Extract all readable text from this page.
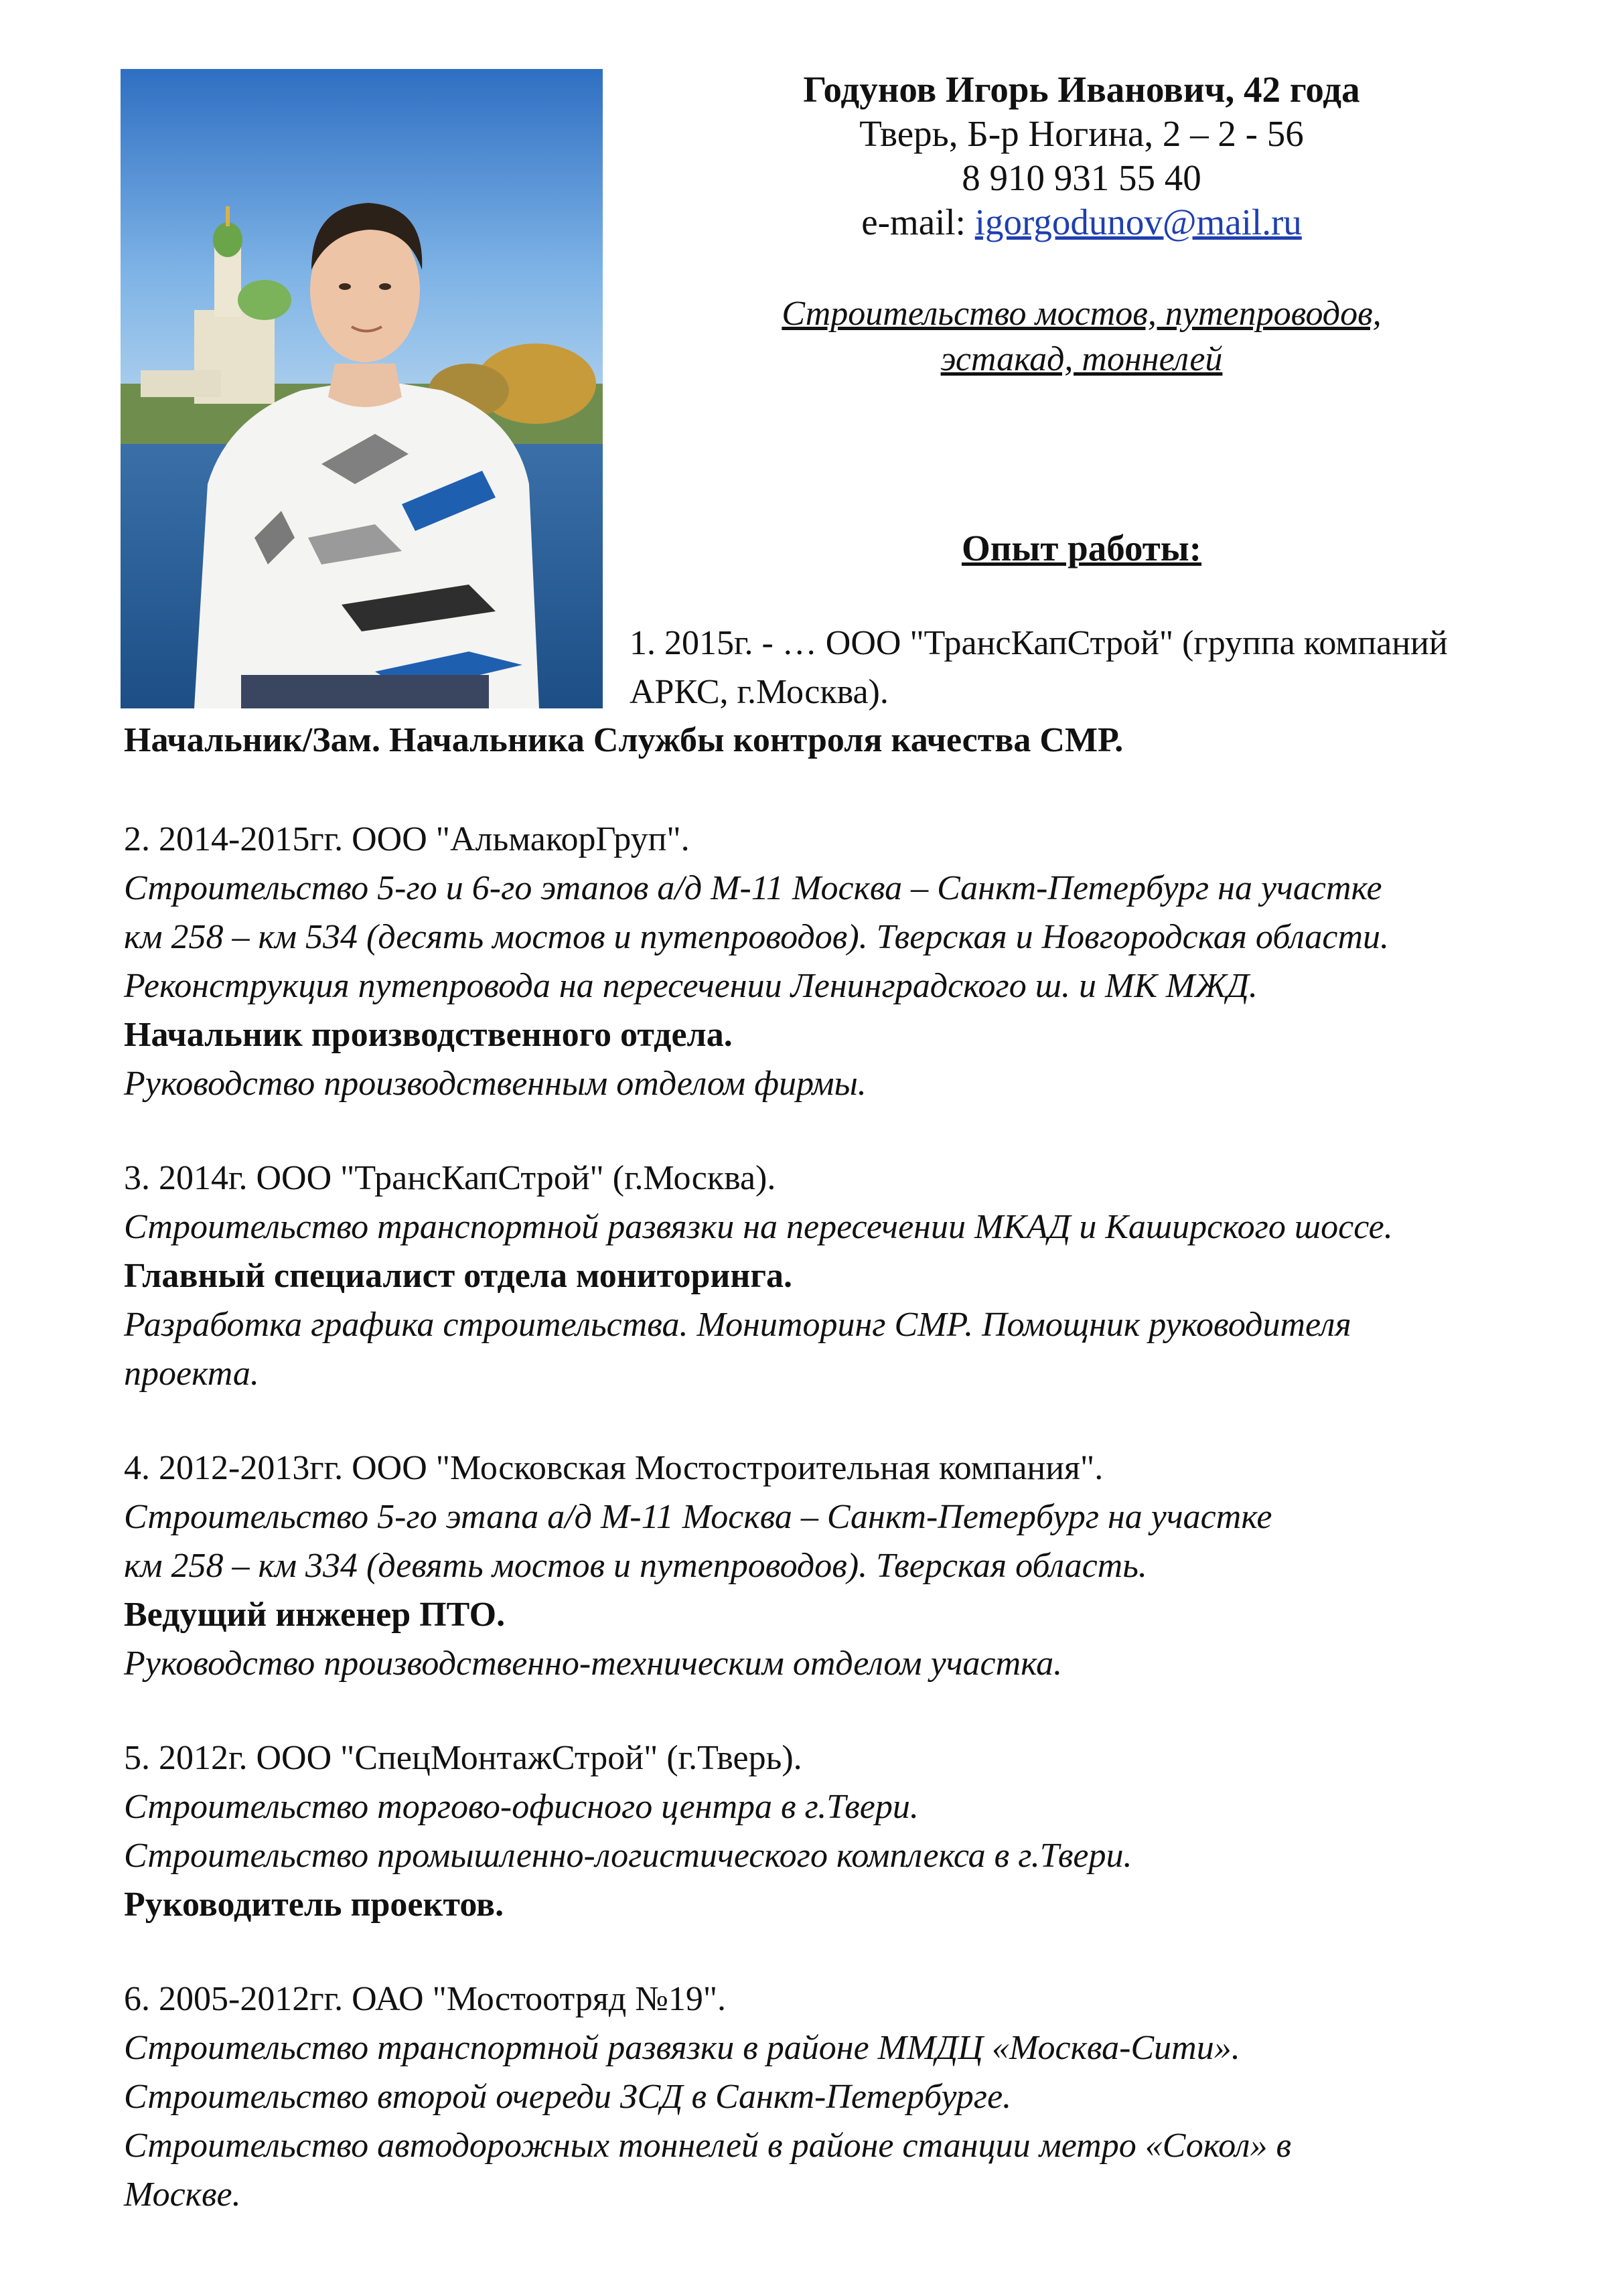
Годунов Игорь Иванович, 42 года
Тверь, Б-р Ногина, 2 – 2 - 56
8 910 931 55 40
e-mail: igorgodunov@mail.ru
Строительство мостов, путепроводов,
эстакад, тоннелей
Опыт работы:
1. 2015г. - … ООО "ТрансКапСтрой" (группа компаний
АРКС, г.Москва).
Начальник/Зам. Начальника Службы контроля качества СМР.
2. 2014-2015гг. ООО "АльмакорГруп".
Строительство 5-го и 6-го этапов а/д М-11 Москва – Санкт-Петербург на участке
км 258 – км 534 (десять мостов и путепроводов). Тверская и Новгородская области.
Реконструкция путепровода на пересечении Ленинградского ш. и МК МЖД.
Начальник производственного отдела.
Руководство производственным отделом фирмы.
3. 2014г. ООО "ТрансКапСтрой" (г.Москва).
Строительство транспортной развязки на пересечении МКАД и Каширского шоссе.
Главный специалист отдела мониторинга.
Разработка графика строительства. Мониторинг СМР. Помощник руководителя
проекта.
4. 2012-2013гг. ООО "Московская Мостостроительная компания".
Строительство 5-го этапа а/д М-11 Москва – Санкт-Петербург на участке
км 258 – км 334 (девять мостов и путепроводов). Тверская область.
Ведущий инженер ПТО.
Руководство производственно-техническим отделом участка.
5. 2012г. ООО "СпецМонтажСтрой" (г.Тверь).
Строительство торгово-офисного центра в г.Твери.
Строительство промышленно-логистического комплекса в г.Твери.
Руководитель проектов.
6. 2005-2012гг. ОАО "Мостоотряд №19".
Строительство транспортной развязки в районе ММДЦ «Москва-Сити».
Строительство второй очереди ЗСД в Санкт-Петербурге.
Строительство автодорожных тоннелей в районе станции метро «Сокол» в
Москве.
